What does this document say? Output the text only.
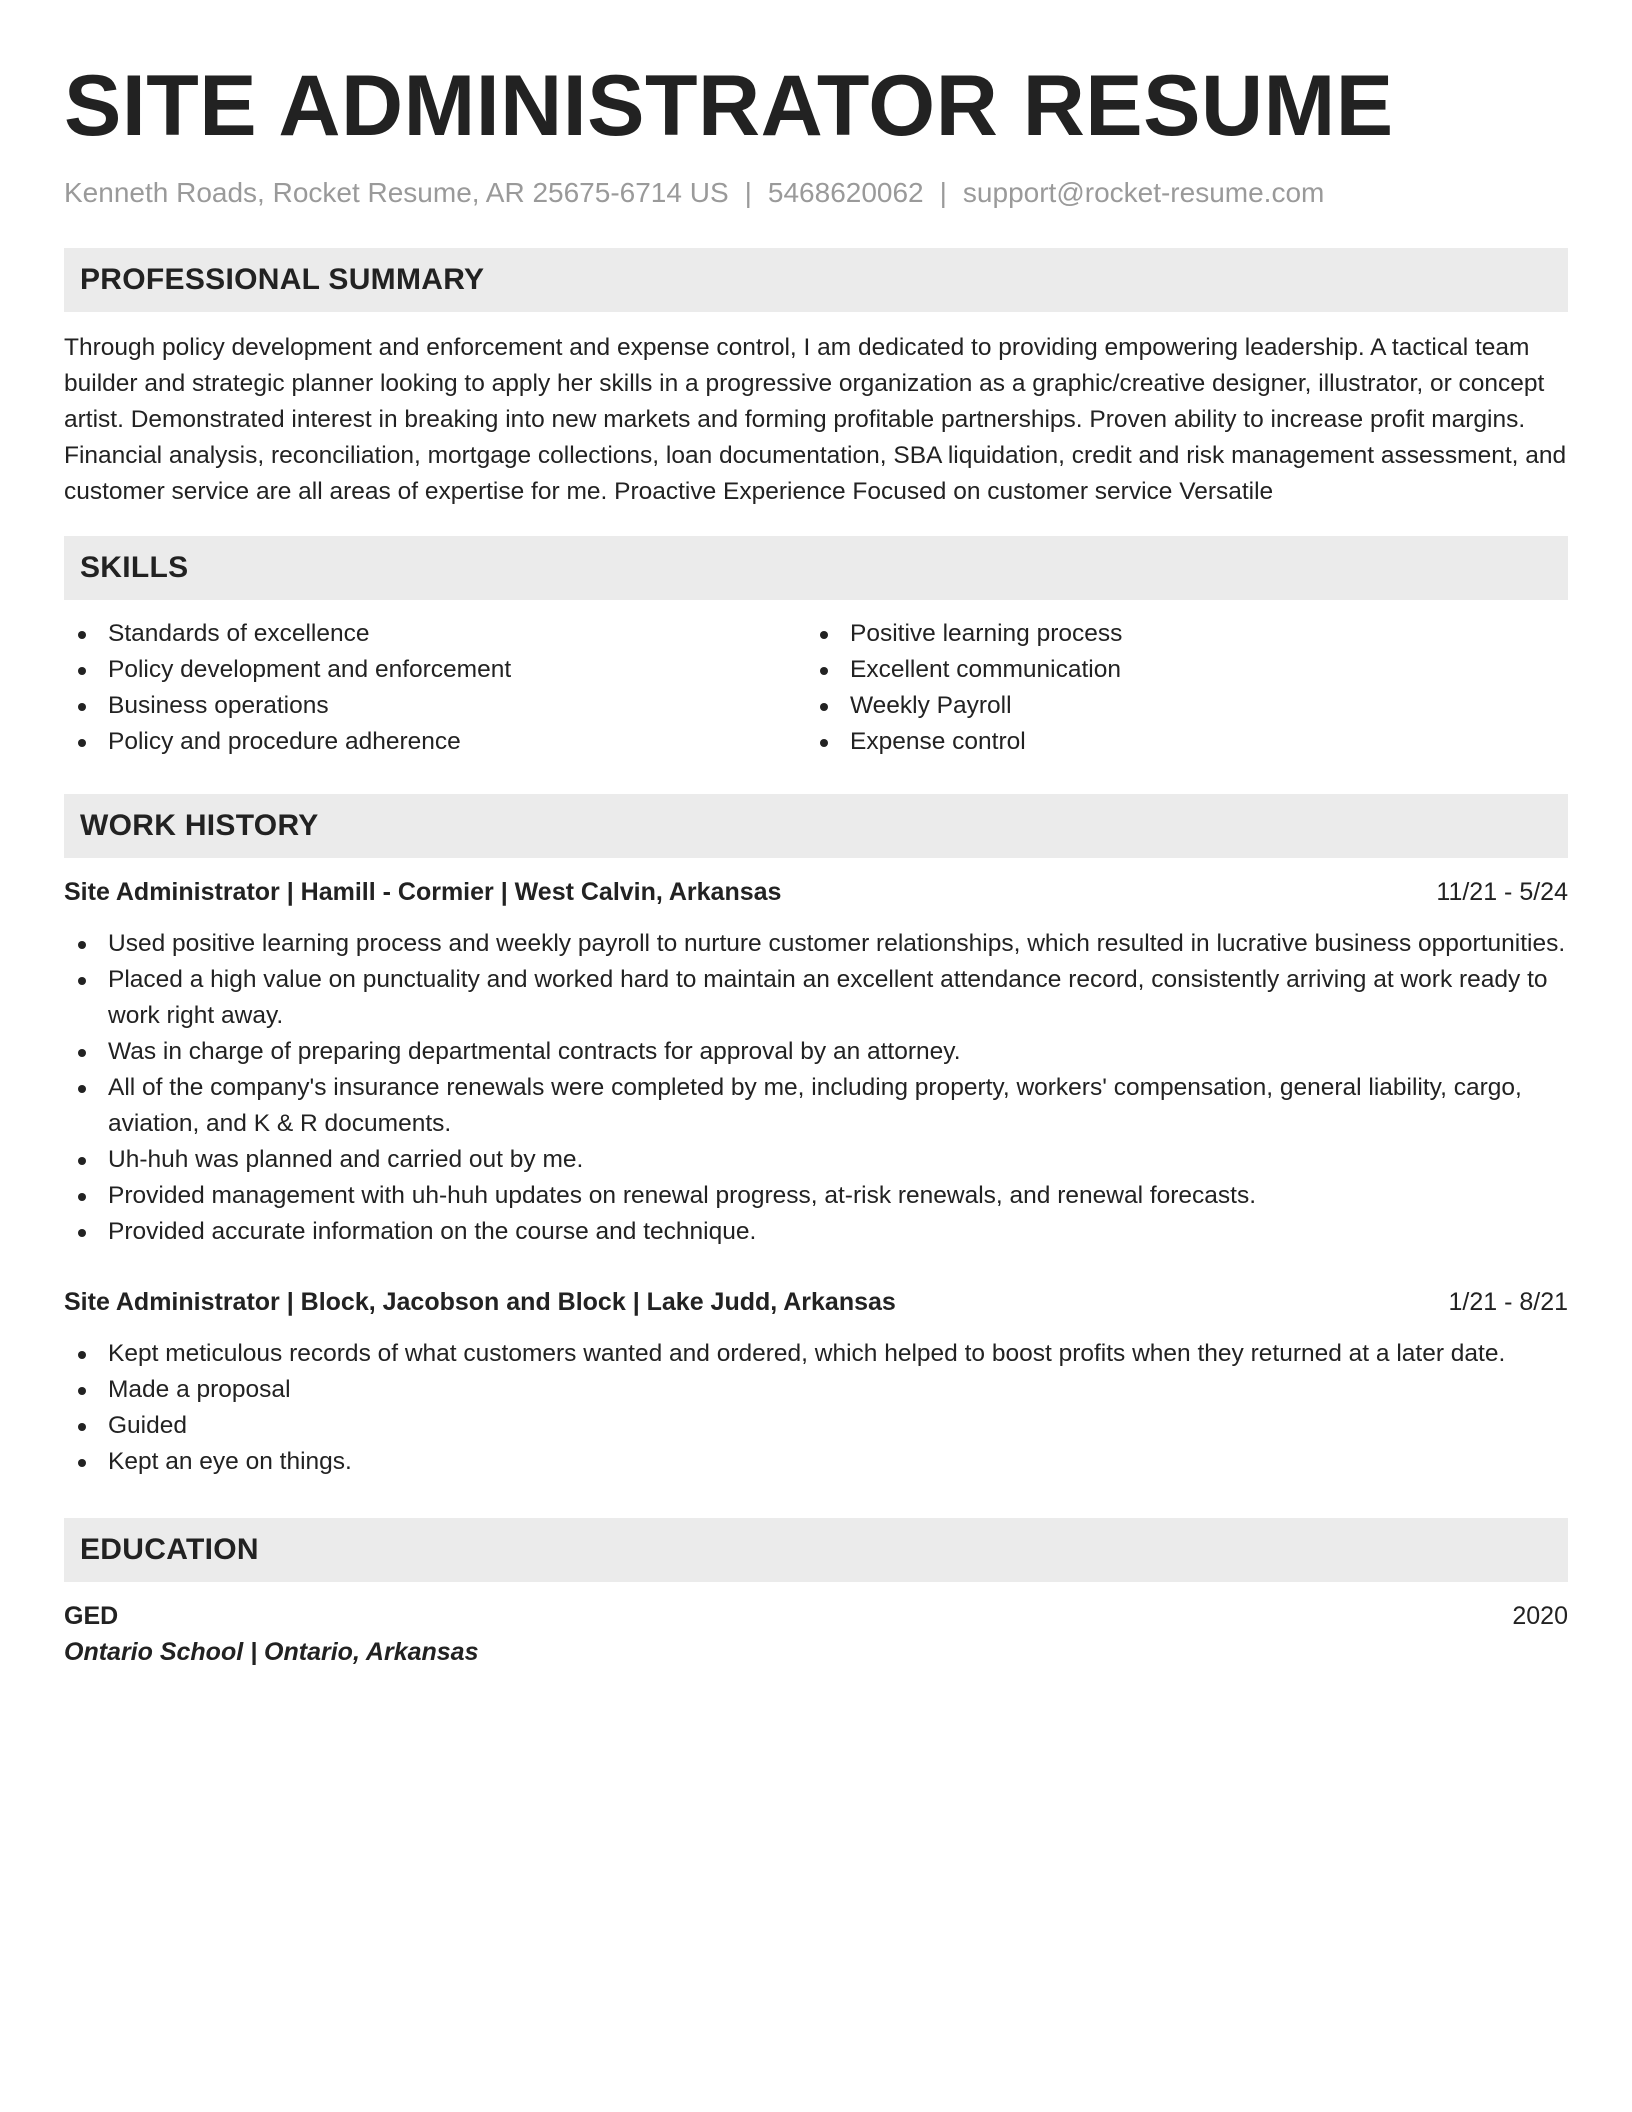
SITE ADMINISTRATOR RESUME
Kenneth Roads, Rocket Resume, AR 25675-6714 US | 5468620062 | support@rocket-resume.com
PROFESSIONAL SUMMARY

Through policy development and enforcement and expense control, I am dedicated to providing empowering leadership. A tactical team builder and strategic planner looking to apply her skills in a progressive organization as a graphic/creative designer, illustrator, or concept artist. Demonstrated interest in breaking into new markets and forming profitable partnerships. Proven ability to increase profit margins. Financial analysis, reconciliation, mortgage collections, loan documentation, SBA liquidation, credit and risk management assessment, and customer service are all areas of expertise for me. Proactive Experience Focused on customer service Versatile

SKILLS
Standards of excellence
Policy development and enforcement
Business operations
Policy and procedure adherence
Positive learning process
Excellent communication
Weekly Payroll
Expense control
WORK HISTORY
Site Administrator | Hamill - Cormier | West Calvin, Arkansas	11/21 - 5/24
Used positive learning process and weekly payroll to nurture customer relationships, which resulted in lucrative business opportunities.
Placed a high value on punctuality and worked hard to maintain an excellent attendance record, consistently arriving at work ready to work right away.
Was in charge of preparing departmental contracts for approval by an attorney.
All of the company's insurance renewals were completed by me, including property, workers' compensation, general liability, cargo, aviation, and K & R documents.
Uh-huh was planned and carried out by me.
Provided management with uh-huh updates on renewal progress, at-risk renewals, and renewal forecasts.
Provided accurate information on the course and technique.
Site Administrator | Block, Jacobson and Block | Lake Judd, Arkansas	1/21 - 8/21
Kept meticulous records of what customers wanted and ordered, which helped to boost profits when they returned at a later date.
Made a proposal
Guided
Kept an eye on things.
EDUCATION
GED	2020
Ontario School | Ontario, Arkansas
